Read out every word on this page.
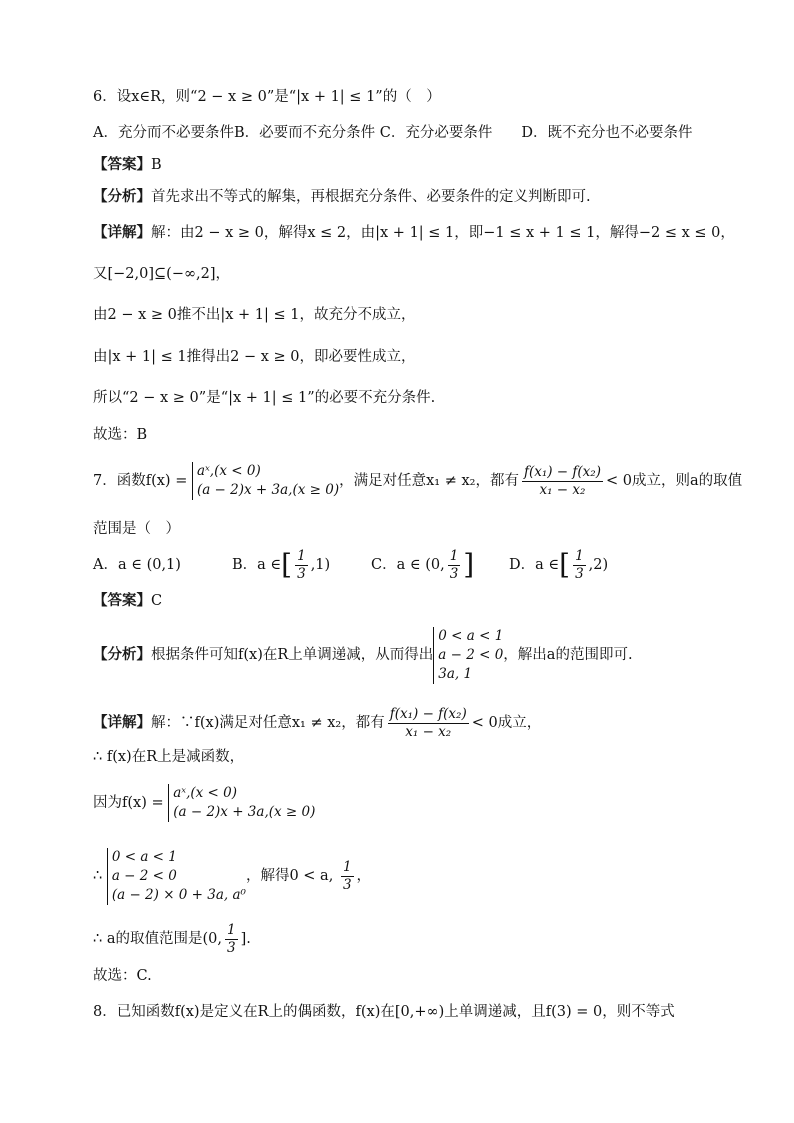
6．设x∈R，则“2 − x ≥ 0”是“|x + 1| ≤ 1”的（　）
A．充分而不必要条件B．必要而不充分条件 C．充分必要条件　　D．既不充分也不必要条件
【答案】B
【分析】首先求出不等式的解集，再根据充分条件、必要条件的定义判断即可.
【详解】解：由2 − x ≥ 0，解得x ≤ 2，由|x + 1| ≤ 1，即−1 ≤ x + 1 ≤ 1，解得−2 ≤ x ≤ 0，
又[−2,0]⊆(−∞,2]，
由2 − x ≥ 0推不出|x + 1| ≤ 1，故充分不成立，
由|x + 1| ≤ 1推得出2 − x ≥ 0，即必要性成立，
所以“2 − x ≥ 0”是“|x + 1| ≤ 1”的必要不充分条件.
故选：B
7．函数f(x) =
aˣ,(x < 0)
(a − 2)x + 3a,(x ≥ 0)
，满足对任意x₁ ≠ x₂，都有 $\frac{\text{f(x₁) − f(x₂)}}{\text{x₁ − x₂}} < 0$成立，则a的取值
范围是（　）
A．a ∈ (0,1)	B．a ∈[ $\frac{1}{3} ,1$)	C．a ∈ (0, $\frac{1}{3}$ ] D．a ∈[ $\frac{1}{3} ,2$)
【答案】C
【分析】根据条件可知f(x)在R上单调递减，从而得出
0 < a < 1
a − 2 < 0
3a, 1
，解出a的范围即可.
【详解】解：∵f(x)满足对任意x₁ ≠ x₂，都有 $\frac{\text{f(x₁) − f(x₂)}}{\text{x₁ − x₂}} < 0$成立，
∴ f(x)在R上是减函数，
因为f(x) =
aˣ,(x < 0)
(a − 2)x + 3a,(x ≥ 0)
∴
0 < a < 1
a − 2 < 0
(a − 2) × 0 + 3a, a⁰
，解得0 < a, $\frac{1}{3}$ ，
∴ a的取值范围是(0, $\frac{1}{3}$ ].
故选：C.
8．已知函数f(x)是定义在R上的偶函数，f(x)在[0,+∞)上单调递减，且f(3) = 0，则不等式
